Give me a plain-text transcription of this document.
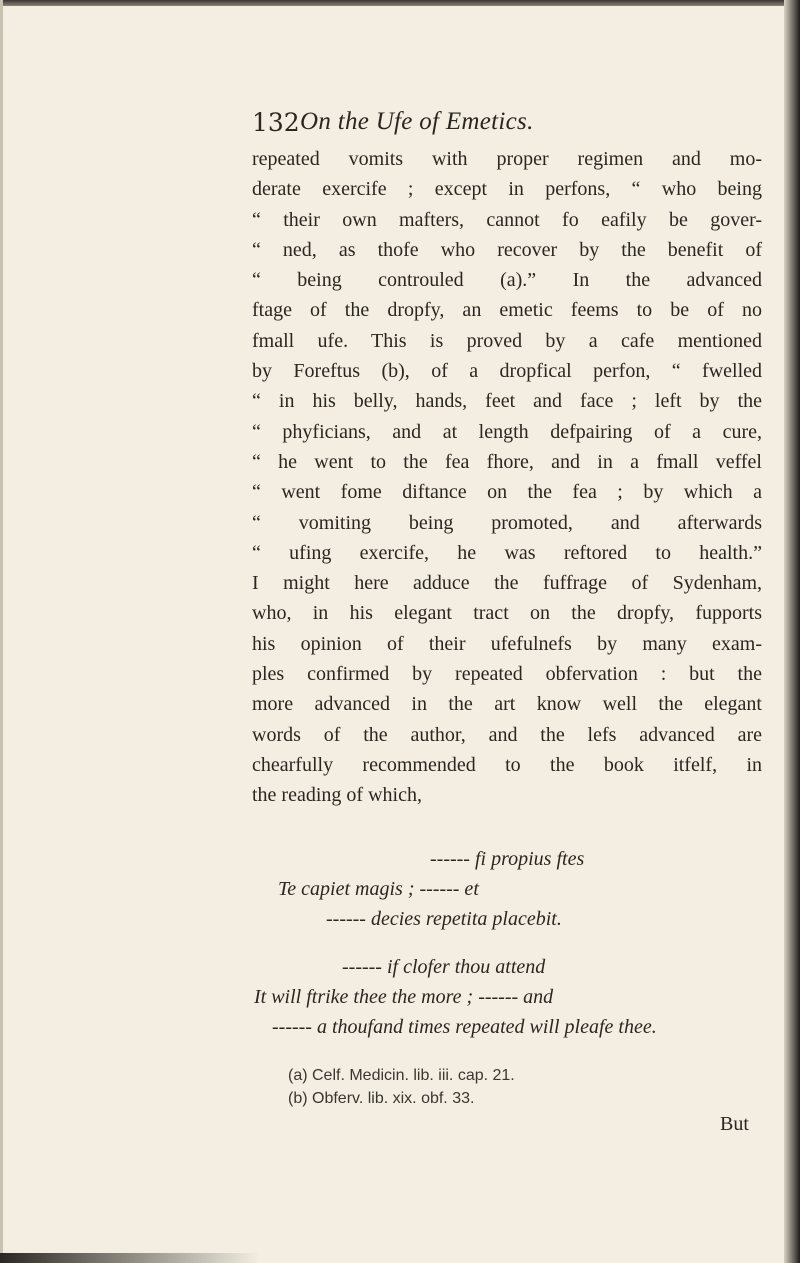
132 On the Ufe of Emetics.
repeated vomits with proper regimen and mo-
derate exercife ; except in perfons, “ who being
“ their own mafters, cannot fo eafily be gover-
“ ned, as thofe who recover by the benefit of
“ being controuled (a).” In the advanced
ftage of the dropfy, an emetic feems to be of no
fmall ufe. This is proved by a cafe mentioned
by Foreftus (b), of a dropfical perfon, “ fwelled
“ in his belly, hands, feet and face ; left by the
“ phyficians, and at length defpairing of a cure,
“ he went to the fea fhore, and in a fmall veffel
“ went fome diftance on the fea ; by which a
“ vomiting being promoted, and afterwards
“ ufing exercife, he was reftored to health.”
I might here adduce the fuffrage of Sydenham,
who, in his elegant tract on the dropfy, fupports
his opinion of their ufefulnefs by many exam-
ples confirmed by repeated obfervation : but the
more advanced in the art know well the elegant
words of the author, and the lefs advanced are
chearfully recommended to the book itfelf, in
the reading of which,
------ fi propius ftes
Te capiet magis ; ------ et
------ decies repetita placebit.
------ if clofer thou attend
It will ftrike thee the more ; ------ and
------ a thoufand times repeated will pleafe thee.
(a) Celf. Medicin. lib. iii. cap. 21.
(b) Obferv. lib. xix. obf. 33.
But
